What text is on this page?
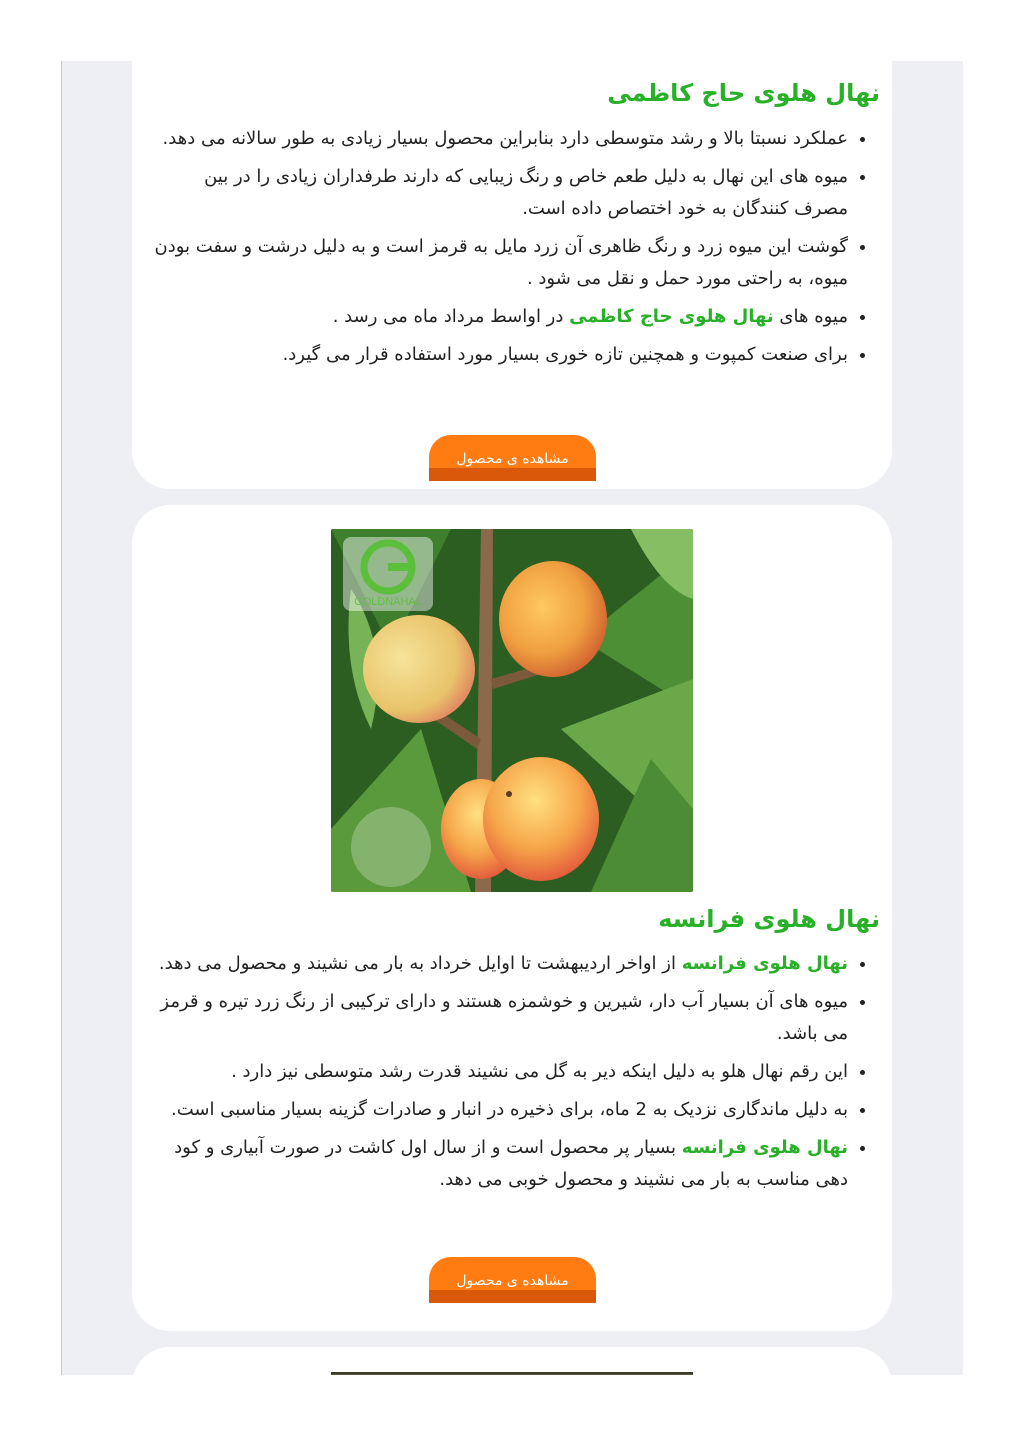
نهال هلوی حاج کاظمی
• عملکرد نسبتا بالا و رشد متوسطی دارد بنابراین محصول بسیار زیادی به طور سالانه می دهد.
• میوه های این نهال به دلیل طعم خاص و رنگ زیبایی که دارند طرفداران زیادی را در بین مصرف کنندگان به خود اختصاص داده است.
• گوشت این میوه زرد و رنگ ظاهری آن زرد مایل به قرمز است و به دلیل درشت و سفت بودن میوه، به راحتی مورد حمل و نقل می شود .
• میوه های نهال هلوی حاج کاظمی در اواسط مرداد ماه می رسد .
• برای صنعت کمپوت و همچنین تازه خوری بسیار مورد استفاده قرار می گیرد.
مشاهده ی محصول
GOLDNAHAL
نهال هلوی فرانسه
• نهال هلوی فرانسه از اواخر اردیبهشت تا اوایل خرداد به بار می نشیند و محصول می دهد.
• میوه های آن بسیار آب دار، شیرین و خوشمزه هستند و دارای ترکیبی از رنگ زرد تیره و قرمز می باشد.
• این رقم نهال هلو به دلیل اینکه دیر به گل می نشیند قدرت رشد متوسطی نیز دارد .
• به دلیل ماندگاری نزدیک به 2 ماه، برای ذخیره در انبار و صادرات گزینه بسیار مناسبی است.
• نهال هلوی فرانسه بسیار پر محصول است و از سال اول کاشت در صورت آبیاری و کود دهی مناسب به بار می نشیند و محصول خوبی می دهد.
مشاهده ی محصول
